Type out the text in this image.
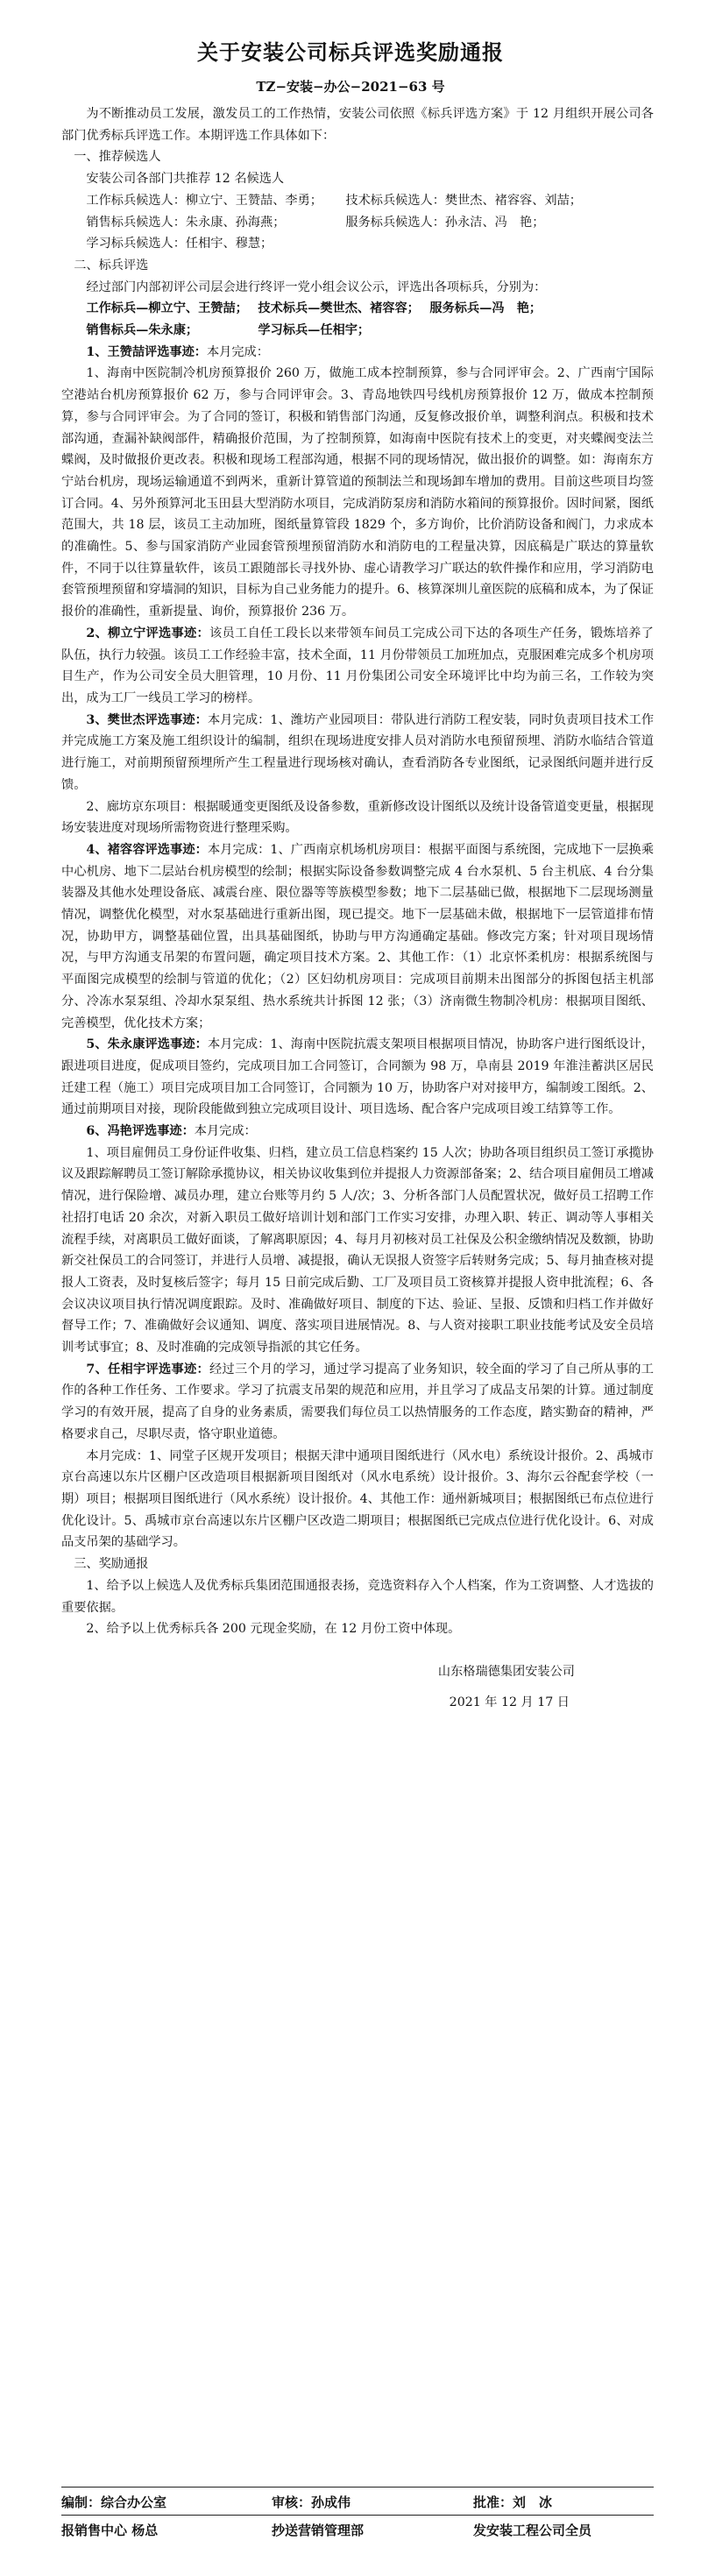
关于安装公司标兵评选奖励通报
TZ−安装−办公−2021−63 号

为不断推动员工发展，激发员工的工作热情，安装公司依照《标兵评选方案》于 12 月组织开展公司各部门优秀标兵评选工作。本期评选工作具体如下：

一、推荐候选人

安装公司各部门共推荐 12 名候选人

工作标兵候选人：柳立宁、王赞喆、李勇；	技术标兵候选人：樊世杰、褚容容、刘喆；
销售标兵候选人：朱永康、孙海燕；	服务标兵候选人：孙永洁、冯　艳；

学习标兵候选人：任相宇、穆慧；

二、标兵评选

经过部门内部初评公司层会进行终评一党小组会议公示，评选出各项标兵，分别为：

工作标兵—柳立宁、王赞喆； 技术标兵—樊世杰、褚容容； 服务标兵—冯　艳；
销售标兵—朱永康；	学习标兵—任相宇；

1、王赞喆评选事迹：本月完成：

1、海南中医院制冷机房预算报价 260 万，做施工成本控制预算，参与合同评审会。2、广西南宁国际空港站台机房预算报价 62 万，参与合同评审会。3、青岛地铁四号线机房预算报价 12 万，做成本控制预算，参与合同评审会。为了合同的签订，积极和销售部门沟通，反复修改报价单，调整利润点。积极和技术部沟通，查漏补缺阀部件，精确报价范围，为了控制预算，如海南中医院有技术上的变更，对夹蝶阀变法兰蝶阀，及时做报价更改表。积极和现场工程部沟通，根据不同的现场情况，做出报价的调整。如：海南东方宁站台机房，现场运输通道不到两米，重新计算管道的预制法兰和现场卸车增加的费用。目前这些项目均签订合同。4、另外预算河北玉田县大型消防水项目，完成消防泵房和消防水箱间的预算报价。因时间紧，图纸范围大，共 18 层，该员工主动加班，图纸量算管段 1829 个，多方询价，比价消防设备和阀门，力求成本的准确性。5、参与国家消防产业园套管预埋预留消防水和消防电的工程量决算，因底稿是广联达的算量软件，不同于以往算量软件，该员工跟随部长寻找外协、虚心请教学习广联达的软件操作和应用，学习消防电套管预埋预留和穿墙洞的知识，目标为自己业务能力的提升。6、核算深圳儿童医院的底稿和成本，为了保证报价的准确性，重新提量、询价，预算报价 236 万。

2、柳立宁评选事迹：该员工自任工段长以来带领车间员工完成公司下达的各项生产任务，锻炼培养了队伍，执行力较强。该员工工作经验丰富，技术全面，11 月份带领员工加班加点，克服困难完成多个机房项目生产，作为公司安全员大胆管理，10 月份、11 月份集团公司安全环境评比中均为前三名，工作较为突出，成为工厂一线员工学习的榜样。

3、樊世杰评选事迹：本月完成：1、潍坊产业园项目：带队进行消防工程安装，同时负责项目技术工作并完成施工方案及施工组织设计的编制，组织在现场进度安排人员对消防水电预留预埋、消防水临结合管道进行施工，对前期预留预埋所产生工程量进行现场核对确认，查看消防各专业图纸，记录图纸问题并进行反馈。

2、廊坊京东项目：根据暖通变更图纸及设备参数，重新修改设计图纸以及统计设备管道变更量，根据现场安装进度对现场所需物资进行整理采购。

4、褚容容评选事迹：本月完成：1、广西南京机场机房项目：根据平面图与系统图，完成地下一层换乘中心机房、地下二层站台机房模型的绘制；根据实际设备参数调整完成 4 台水泵机、5 台主机底、4 台分集装器及其他水处理设备底、减震台座、限位器等等族模型参数；地下二层基础已做，根据地下二层现场测量情况，调整优化模型，对水泵基础进行重新出图，现已提交。地下一层基础未做，根据地下一层管道排布情况，协助甲方，调整基础位置，出具基础图纸，协助与甲方沟通确定基础。修改完方案；针对项目现场情况，与甲方沟通支吊架的布置问题，确定项目技术方案。2、其他工作：（1）北京怀柔机房：根据系统图与平面图完成模型的绘制与管道的优化；（2）区妇幼机房项目：完成项目前期未出图部分的拆图包括主机部分、冷冻水泵泵组、冷却水泵泵组、热水系统共计拆图 12 张；（3）济南微生物制冷机房：根据项目图纸、完善模型，优化技术方案；

5、朱永康评选事迹：本月完成：1、海南中医院抗震支架项目根据项目情况，协助客户进行图纸设计，跟进项目进度，促成项目签约，完成项目加工合同签订，合同额为 98 万，阜南县 2019 年淮洼蓄洪区居民迁建工程（施工）项目完成项目加工合同签订，合同额为 10 万，协助客户对对接甲方，编制竣工图纸。2、通过前期项目对接，现阶段能做到独立完成项目设计、项目选场、配合客户完成项目竣工结算等工作。

6、冯艳评选事迹：本月完成：

1、项目雇佣员工身份证件收集、归档，建立员工信息档案约 15 人次；协助各项目组织员工签订承揽协议及跟踪解聘员工签订解除承揽协议，相关协议收集到位并提报人力资源部备案；2、结合项目雇佣员工增减情况，进行保险增、减员办理，建立台账等月约 5 人/次；3、分析各部门人员配置状况，做好员工招聘工作社招打电话 20 余次，对新入职员工做好培训计划和部门工作实习安排，办理入职、转正、调动等人事相关流程手续，对离职员工做好面谈，了解离职原因；4、每月月初核对员工社保及公积金缴纳情况及数额，协助新交社保员工的合同签订，并进行人员增、减提报，确认无误报人资签字后转财务完成；5、每月抽查核对提报人工资表，及时复核后签字；每月 15 日前完成后勤、工厂及项目员工资核算并提报人资申批流程；6、各会议决议项目执行情况调度跟踪。及时、准确做好项目、制度的下达、验证、呈报、反馈和归档工作并做好督导工作；7、准确做好会议通知、调度、落实项目进展情况。8、与人资对接职工职业技能考试及安全员培训考试事宜；8、及时准确的完成领导指派的其它任务。

7、任相宇评选事迹：经过三个月的学习，通过学习提高了业务知识，较全面的学习了自己所从事的工作的各种工作任务、工作要求。学习了抗震支吊架的规范和应用，并且学习了成品支吊架的计算。通过制度学习的有效开展，提高了自身的业务素质，需要我们每位员工以热情服务的工作态度，踏实勤奋的精神，严格要求自己，尽职尽责，恪守职业道德。

本月完成：1、同堂子区规开发项目；根据天津中通项目图纸进行（风水电）系统设计报价。2、禹城市京台高速以东片区棚户区改造项目根据新项目图纸对（风水电系统）设计报价。3、海尔云谷配套学校（一期）项目；根据项目图纸进行（风水系统）设计报价。4、其他工作：通州新城项目；根据图纸已布点位进行优化设计。5、禹城市京台高速以东片区棚户区改造二期项目；根据图纸已完成点位进行优化设计。6、对成品支吊架的基础学习。

三、奖励通报

1、给予以上候选人及优秀标兵集团范围通报表扬，竞选资料存入个人档案，作为工资调整、人才选拔的重要依据。

2、给予以上优秀标兵各 200 元现金奖励，在 12 月份工资中体现。

山东格瑞德集团安装公司

2021 年 12 月 17 日

编制：综合办公室	审核：孙成伟	批准：刘　冰
报销售中心 杨总	抄送营销管理部	发安装工程公司全员
